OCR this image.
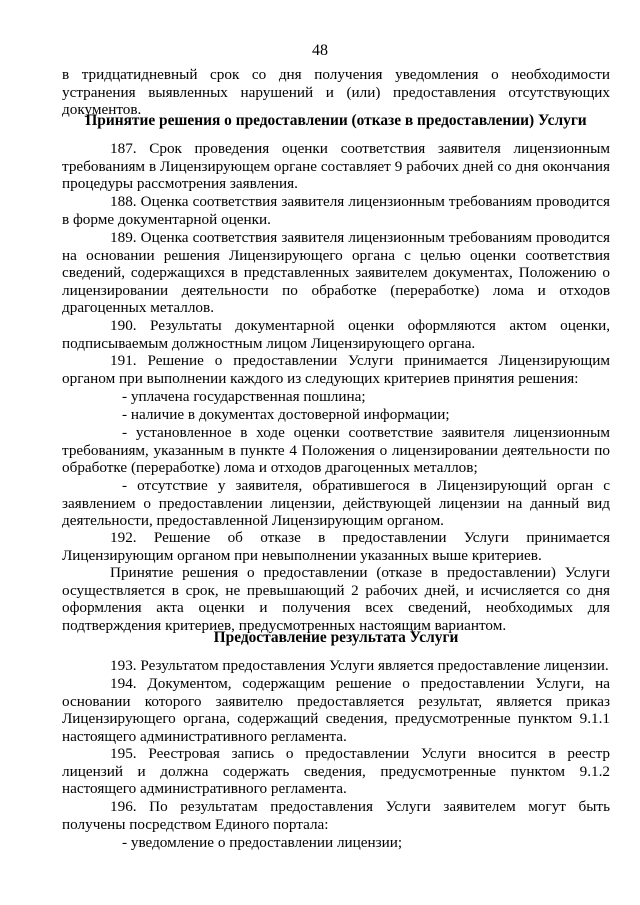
48

в тридцатидневный срок со дня получения уведомления о необходимости устранения выявленных нарушений и (или) предоставления отсутствующих документов.

Принятие решения о предоставлении (отказе в предоставлении) Услуги

187. Срок проведения оценки соответствия заявителя лицензионным требованиям в Лицензирующем органе составляет 9 рабочих дней со дня окончания процедуры рассмотрения заявления.

188. Оценка соответствия заявителя лицензионным требованиям проводится в форме документарной оценки.

189. Оценка соответствия заявителя лицензионным требованиям проводится на основании решения Лицензирующего органа с целью оценки соответствия сведений, содержащихся в представленных заявителем документах, Положению о лицензировании деятельности по обработке (переработке) лома и отходов драгоценных металлов.

190. Результаты документарной оценки оформляются актом оценки, подписываемым должностным лицом Лицензирующего органа.

191. Решение о предоставлении Услуги принимается Лицензирующим органом при выполнении каждого из следующих критериев принятия решения:

- уплачена государственная пошлина;

- наличие в документах достоверной информации;

- установленное в ходе оценки соответствие заявителя лицензионным требованиям, указанным в пункте 4 Положения о лицензировании деятельности по обработке (переработке) лома и отходов драгоценных металлов;

- отсутствие у заявителя, обратившегося в Лицензирующий орган с заявлением о предоставлении лицензии, действующей лицензии на данный вид деятельности, предоставленной Лицензирующим органом.

192. Решение об отказе в предоставлении Услуги принимается Лицензирующим органом при невыполнении указанных выше критериев.

Принятие решения о предоставлении (отказе в предоставлении) Услуги осуществляется в срок, не превышающий 2 рабочих дней, и исчисляется со дня оформления акта оценки и получения всех сведений, необходимых для подтверждения критериев, предусмотренных настоящим вариантом.

Предоставление результата Услуги

193. Результатом предоставления Услуги является предоставление лицензии.

194. Документом, содержащим решение о предоставлении Услуги, на основании которого заявителю предоставляется результат, является приказ Лицензирующего органа, содержащий сведения, предусмотренные пунктом 9.1.1 настоящего административного регламента.

195. Реестровая запись о предоставлении Услуги вносится в реестр лицензий и должна содержать сведения, предусмотренные пунктом 9.1.2 настоящего административного регламента.

196. По результатам предоставления Услуги заявителем могут быть получены посредством Единого портала:

- уведомление о предоставлении лицензии;
